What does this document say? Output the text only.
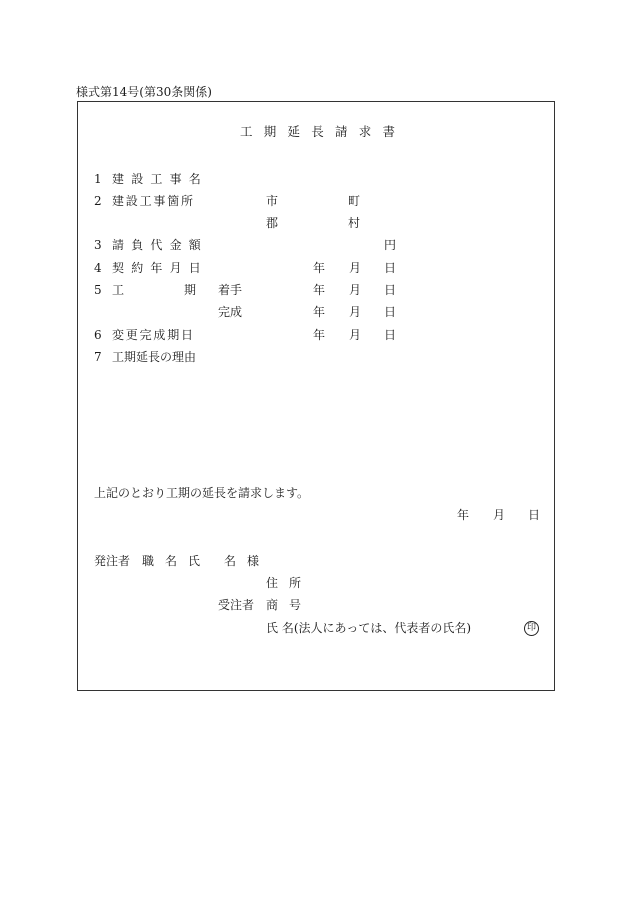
様式第14号(第30条関係)
工期延長請求書
1 建設工事名
2 建設工事箇所	市	町
郡	村
3 請負代金額	円
4 契約年月日	年 月 日
5 工	期 着手	年 月 日
完成	年 月 日
6 変更完成期日	年 月 日
7 工期延長の理由
上記のとおり工期の延長を請求します。
年 月 日
発注者 職 名 氏 名 様
住 所
受注者 商 号
氏 名(法人にあっては、代表者の氏名)	印
